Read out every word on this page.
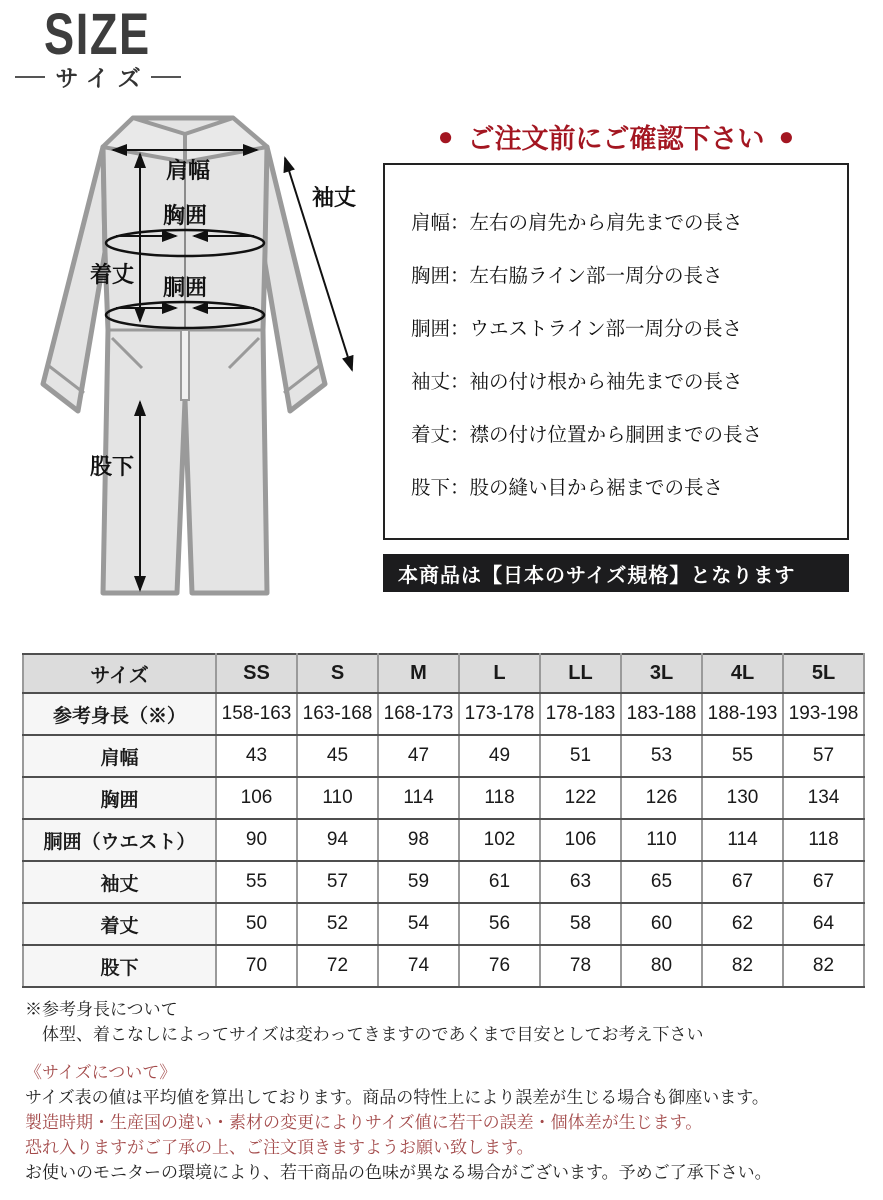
SIZE
サイズ
肩幅
着丈
袖丈
胸囲
胴囲
股下
● ご注文前にご確認下さい ●
肩幅 ： 左右の肩先から肩先までの長さ
胸囲 ： 左右脇ライン部一周分の長さ
胴囲 ： ウエストライン部一周分の長さ
袖丈 ： 袖の付け根から袖先までの長さ
着丈 ： 襟の付け位置から胴囲までの長さ
股下 ： 股の縫い目から裾までの長さ
本商品は【日本のサイズ規格】となります
サイズ	SS	S	M	L	LL	3L	4L	5L
参考身長（※）	158-163	163-168	168-173	173-178	178-183	183-188	188-193	193-198
肩幅	43	45	47	49	51	53	55	57
胸囲	106	110	114	118	122	126	130	134
胴囲（ウエスト）	90	94	98	102	106	110	114	118
袖丈	55	57	59	61	63	65	67	67
着丈	50	52	54	56	58	60	62	64
股下	70	72	74	76	78	80	82	82
※参考身長について
　体型、着こなしによってサイズは変わってきますのであくまで目安としてお考え下さい
《サイズについて》
サイズ表の値は平均値を算出しております。商品の特性上により誤差が生じる場合も御座います。
製造時期・生産国の違い・素材の変更によりサイズ値に若干の誤差・個体差が生じます。
恐れ入りますがご了承の上、ご注文頂きますようお願い致します。
お使いのモニターの環境により、若干商品の色味が異なる場合がございます。予めご了承下さい。
